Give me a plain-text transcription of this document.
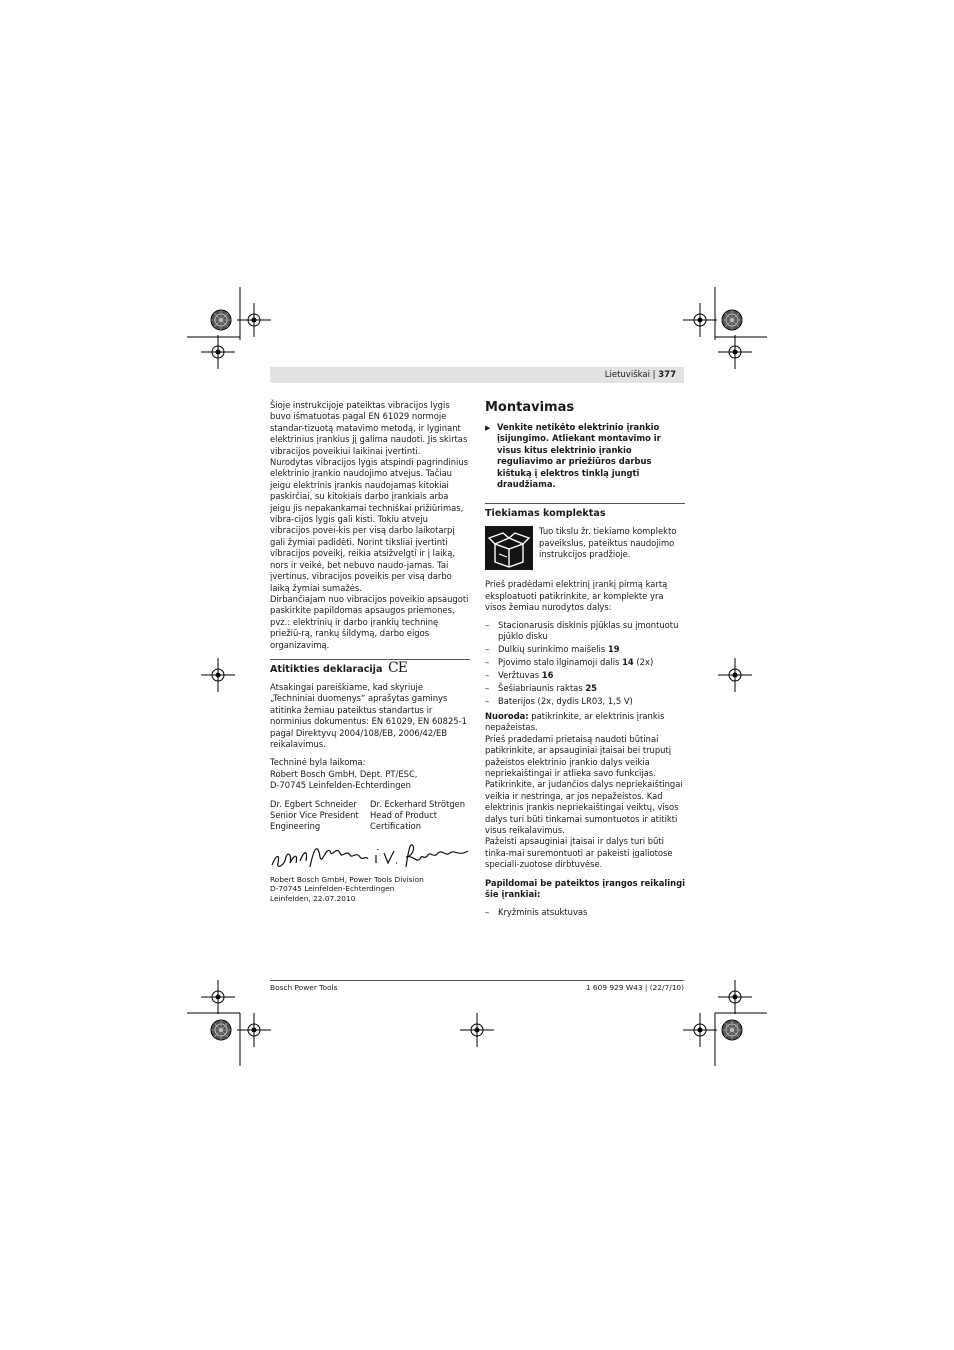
Lietuviškai | 377

Šioje instrukcijoje pateiktas vibracijos lygis buvo išmatuotas pagal EN 61029 normoje standar-tizuotą matavimo metodą, ir lyginant elektrinius įrankius jį galima naudoti. Jis skirtas vibracijos poveikiui laikinai įvertinti.

Nurodytas vibracijos lygis atspindi pagrindinius elektrinio įrankio naudojimo atvejus. Tačiau jeigu elektrinis įrankis naudojamas kitokiai paskirčiai, su kitokiais darbo įrankiais arba jeigu jis nepakankamai techniškai prižiūrimas, vibra-cijos lygis gali kisti. Tokiu atveju vibracijos povei-kis per visą darbo laikotarpį gali žymiai padidėti. Norint tiksliai įvertinti vibracijos poveikį, reikia atsižvelgti ir į laiką, nors ir veikė, bet nebuvo naudo-jamas. Tai įvertinus, vibracijos poveikis per visą darbo laiką žymiai sumažės.

Dirbančiajam nuo vibracijos poveikio apsaugoti paskirkite papildomas apsaugos priemones, pvz.: elektrinių ir darbo įrankių techninę priežiū-rą, rankų šildymą, darbo eigos organizavimą.

Atitikties deklaracija CE

Atsakingai pareiškiame, kad skyriuje „Techniniai duomenys“ aprašytas gaminys atitinka žemiau pateiktus standartus ir norminius dokumentus: EN 61029, EN 60825-1 pagal Direktyvų 2004/108/EB, 2006/42/EB reikalavimus.

Techninė byla laikoma:

Robert Bosch GmbH, Dept. PT/ESC,

D-70745 Leinfelden-Echterdingen

Dr. Egbert Schneider

Senior Vice President

Engineering

Dr. Eckerhard Strötgen

Head of Product

Certification

Robert Bosch GmbH, Power Tools Division

D-70745 Leinfelden-Echterdingen

Leinfelden, 22.07.2010

Montavimas
▶ Venkite netikėto elektrinio įrankio įsijungimo. Atliekant montavimo ir visus kitus elektrinio įrankio reguliavimo ar priežiūros darbus kištuką į elektros tinklą jungti draudžiama.
Tiekiamas komplektas

Tuo tikslu žr. tiekiamo komplekto paveikslus, pateiktus naudojimo instrukcijos pradžioje.

Prieš pradėdami elektrinį įrankį pirmą kartą eksploatuoti patikrinkite, ar komplekte yra visos žemiau nurodytos dalys:

–	Stacionarusis diskinis pjūklas su įmontuotu pjūklo disku
–	Dulkių surinkimo maišelis 19
–	Pjovimo stalo ilginamoji dalis 14 (2x)
–	Veržtuvas 16
–	Šešiabriaunis raktas 25
–	Baterijos (2x, dydis LR03, 1,5 V)

Nuoroda: patikrinkite, ar elektrinis įrankis nepažeistas.

Prieš pradedami prietaisą naudoti būtinai patikrinkite, ar apsauginiai įtaisai bei truputį pažeistos elektrinio įrankio dalys veikia nepriekaištingai ir atlieka savo funkcijas. Patikrinkite, ar judančios dalys nepriekaištingai veikia ir nestringa, ar jos nepažeistos. Kad elektrinis įrankis nepriekaištingai veiktų, visos dalys turi būti tinkamai sumontuotos ir atitikti visus reikalavimus.

Pažeisti apsauginiai įtaisai ir dalys turi būti tinka-mai suremontuoti ar pakeisti įgaliotose speciali-zuotose dirbtuvėse.

Papildomai be pateiktos įrangos reikalingi šie įrankiai:

–	Kryžminis atsuktuvas
Bosch Power Tools	1 609 929 W43 | (22/7/10)
